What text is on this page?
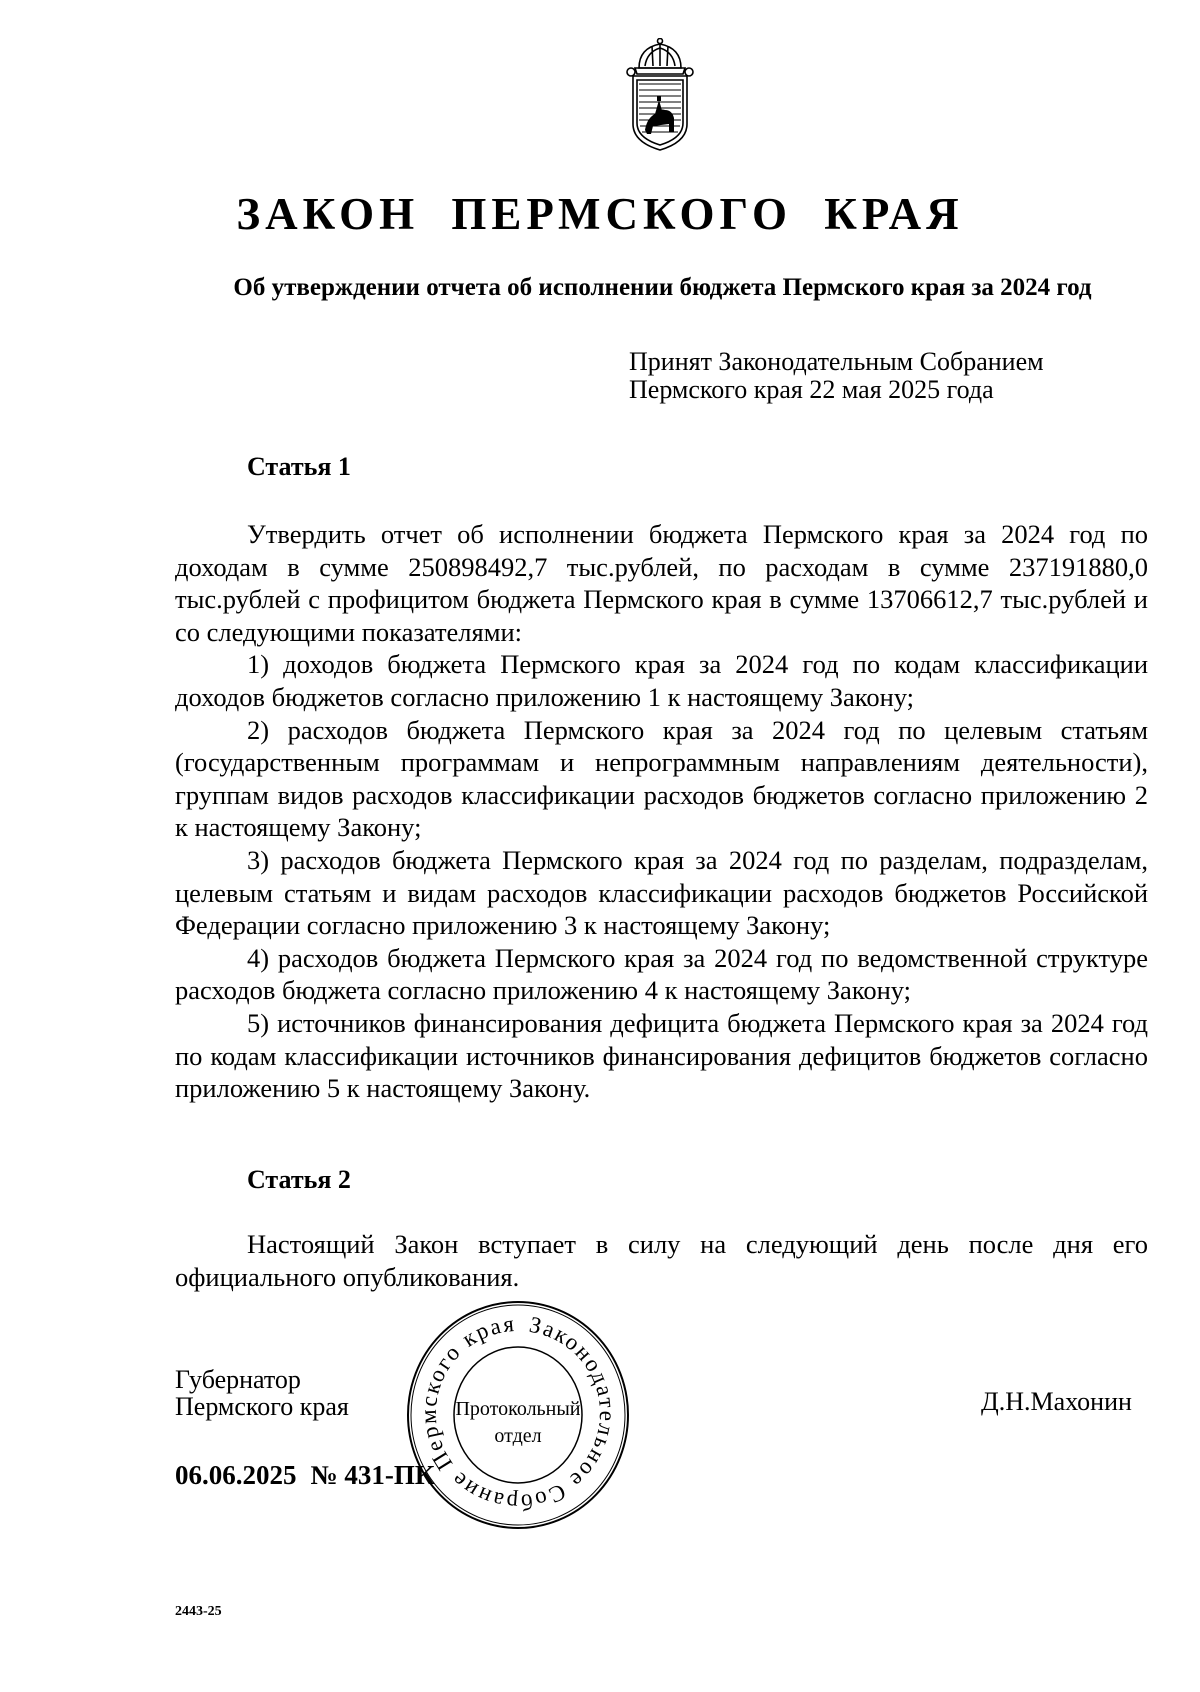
ЗАКОН ПЕРМСКОГО КРАЯ
Об утверждении отчета об исполнении бюджета Пермского края за 2024 год
Принят Законодательным Собранием
Пермского края 22 мая 2025 года
Статья 1

Утвердить отчет об исполнении бюджета Пермского края за 2024 год по доходам в сумме 250898492,7 тыс.рублей, по расходам в сумме 237191880,0 тыс.рублей с профицитом бюджета Пермского края в сумме 13706612,7 тыс.рублей и со следующими показателями:

1) доходов бюджета Пермского края за 2024 год по кодам классификации доходов бюджетов согласно приложению 1 к настоящему Закону;

2) расходов бюджета Пермского края за 2024 год по целевым статьям (государственным программам и непрограммным направлениям деятельности), группам видов расходов классификации расходов бюджетов согласно приложению 2 к настоящему Закону;

3) расходов бюджета Пермского края за 2024 год по разделам, подразделам, целевым статьям и видам расходов классификации расходов бюджетов Российской Федерации согласно приложению 3 к настоящему Закону;

4) расходов бюджета Пермского края за 2024 год по ведомственной структуре расходов бюджета согласно приложению 4 к настоящему Закону;

5) источников финансирования дефицита бюджета Пермского края за 2024 год по кодам классификации источников финансирования дефицитов бюджетов согласно приложению 5 к настоящему Закону.

Статья 2

Настоящий Закон вступает в силу на следующий день после дня его официального опубликования.

Губернатор
Пермского края	Д.Н.Махонин
06.06.2025 № 431-ПК
Законодательное Собрание Пермского края
Протокольный
отдел
2443-25
